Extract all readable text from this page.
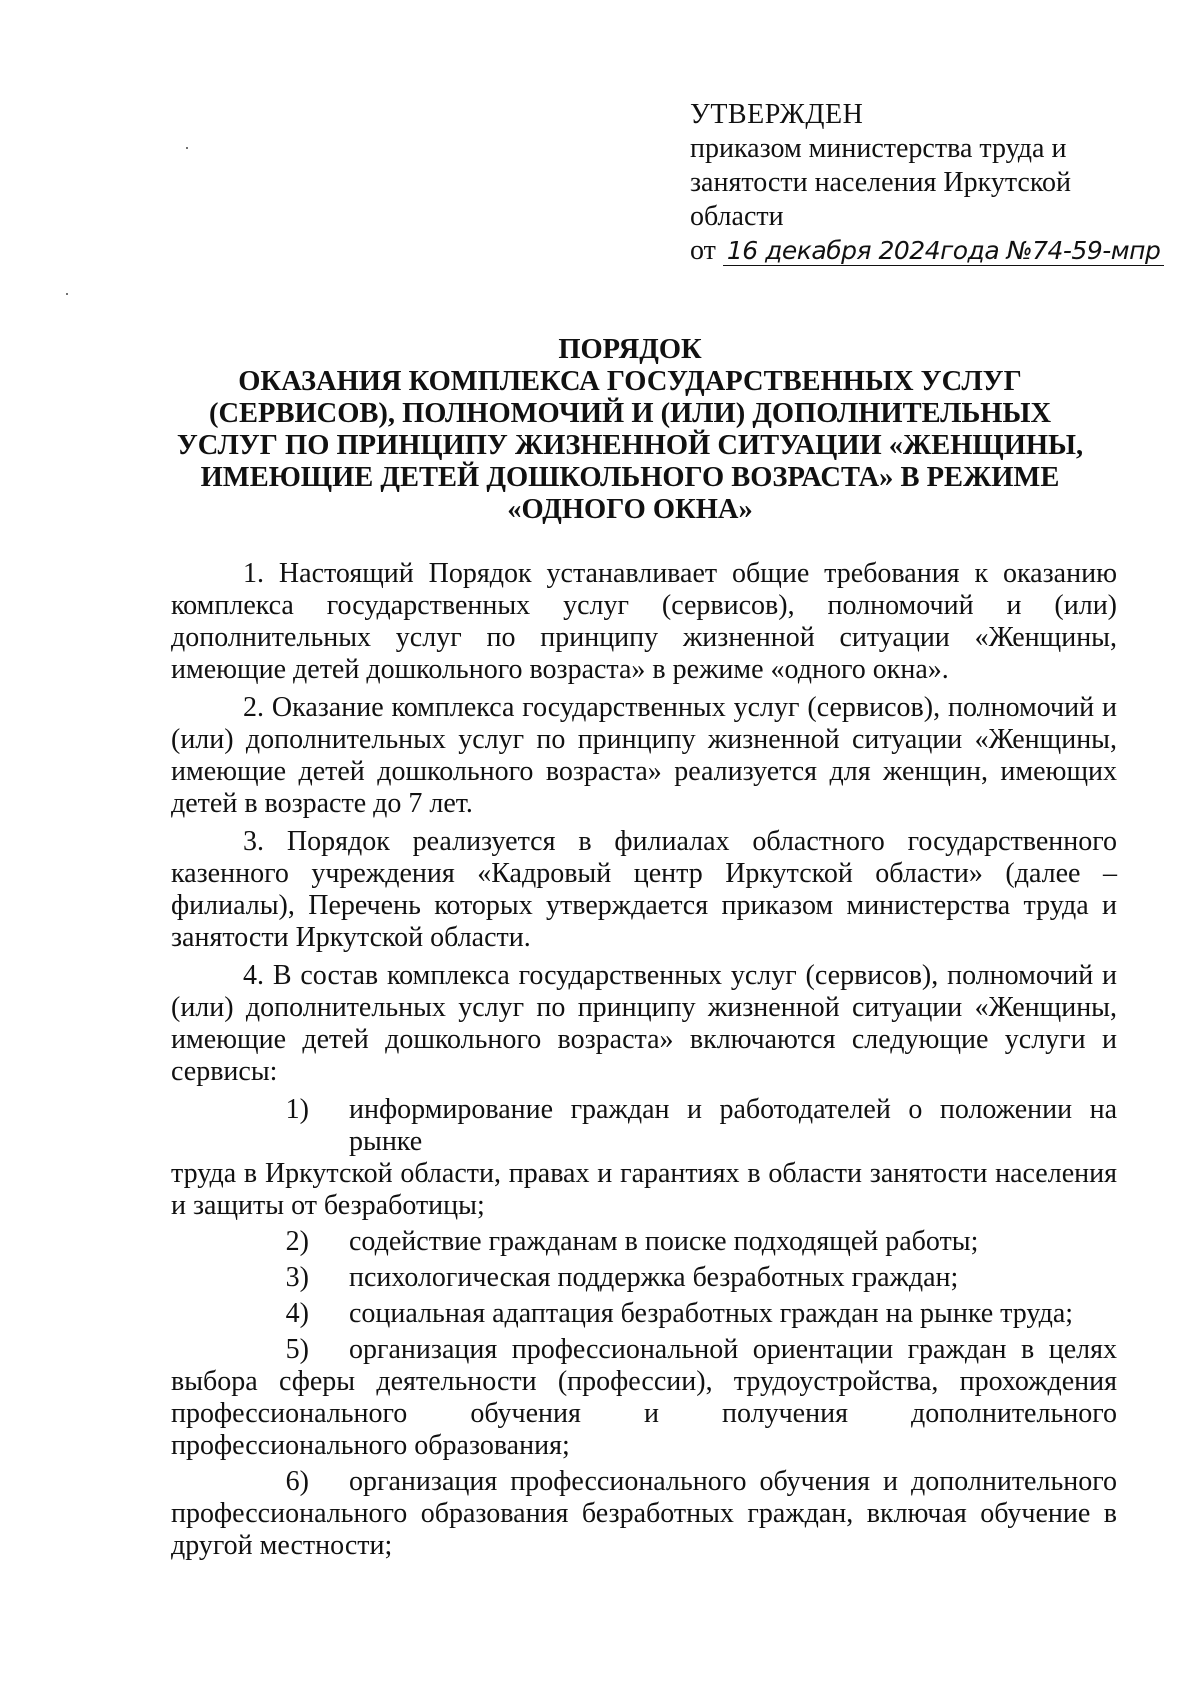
УТВЕРЖДЕН
приказом министерства труда и
занятости населения Иркутской
области
от 16 декабря 2024года №74-59-мпр
ПОРЯДОК
ОКАЗАНИЯ КОМПЛЕКСА ГОСУДАРСТВЕННЫХ УСЛУГ
(СЕРВИСОВ), ПОЛНОМОЧИЙ И (ИЛИ) ДОПОЛНИТЕЛЬНЫХ
УСЛУГ ПО ПРИНЦИПУ ЖИЗНЕННОЙ СИТУАЦИИ «ЖЕНЩИНЫ,
ИМЕЮЩИЕ ДЕТЕЙ ДОШКОЛЬНОГО ВОЗРАСТА» В РЕЖИМЕ
«ОДНОГО ОКНА»

1. Настоящий Порядок устанавливает общие требования к оказанию комплекса государственных услуг (сервисов), полномочий и (или) дополнительных услуг по принципу жизненной ситуации «Женщины, имеющие детей дошкольного возраста» в режиме «одного окна».

2. Оказание комплекса государственных услуг (сервисов), полномочий и (или) дополнительных услуг по принципу жизненной ситуации «Женщины, имеющие детей дошкольного возраста» реализуется для женщин, имеющих детей в возрасте до 7 лет.

3. Порядок реализуется в филиалах областного государственного казенного учреждения «Кадровый центр Иркутской области» (далее – филиалы), Перечень которых утверждается приказом министерства труда и занятости Иркутской области.

4. В состав комплекса государственных услуг (сервисов), полномочий и (или) дополнительных услуг по принципу жизненной ситуации «Женщины, имеющие детей дошкольного возраста» включаются следующие услуги и сервисы:

1)	информирование граждан и работодателей о положении на рынке
труда в Иркутской области, правах и гарантиях в области занятости населения и защиты от безработицы;
2)	содействие гражданам в поиске подходящей работы;
3)	психологическая поддержка безработных граждан;
4)	социальная адаптация безработных граждан на рынке труда;
5)	организация профессиональной ориентации граждан в целях
выбора сферы деятельности (профессии), трудоустройства, прохождения профессионального обучения и получения дополнительного профессионального образования;
6)	организация профессионального обучения и дополнительного
профессионального образования безработных граждан, включая обучение в другой местности;
